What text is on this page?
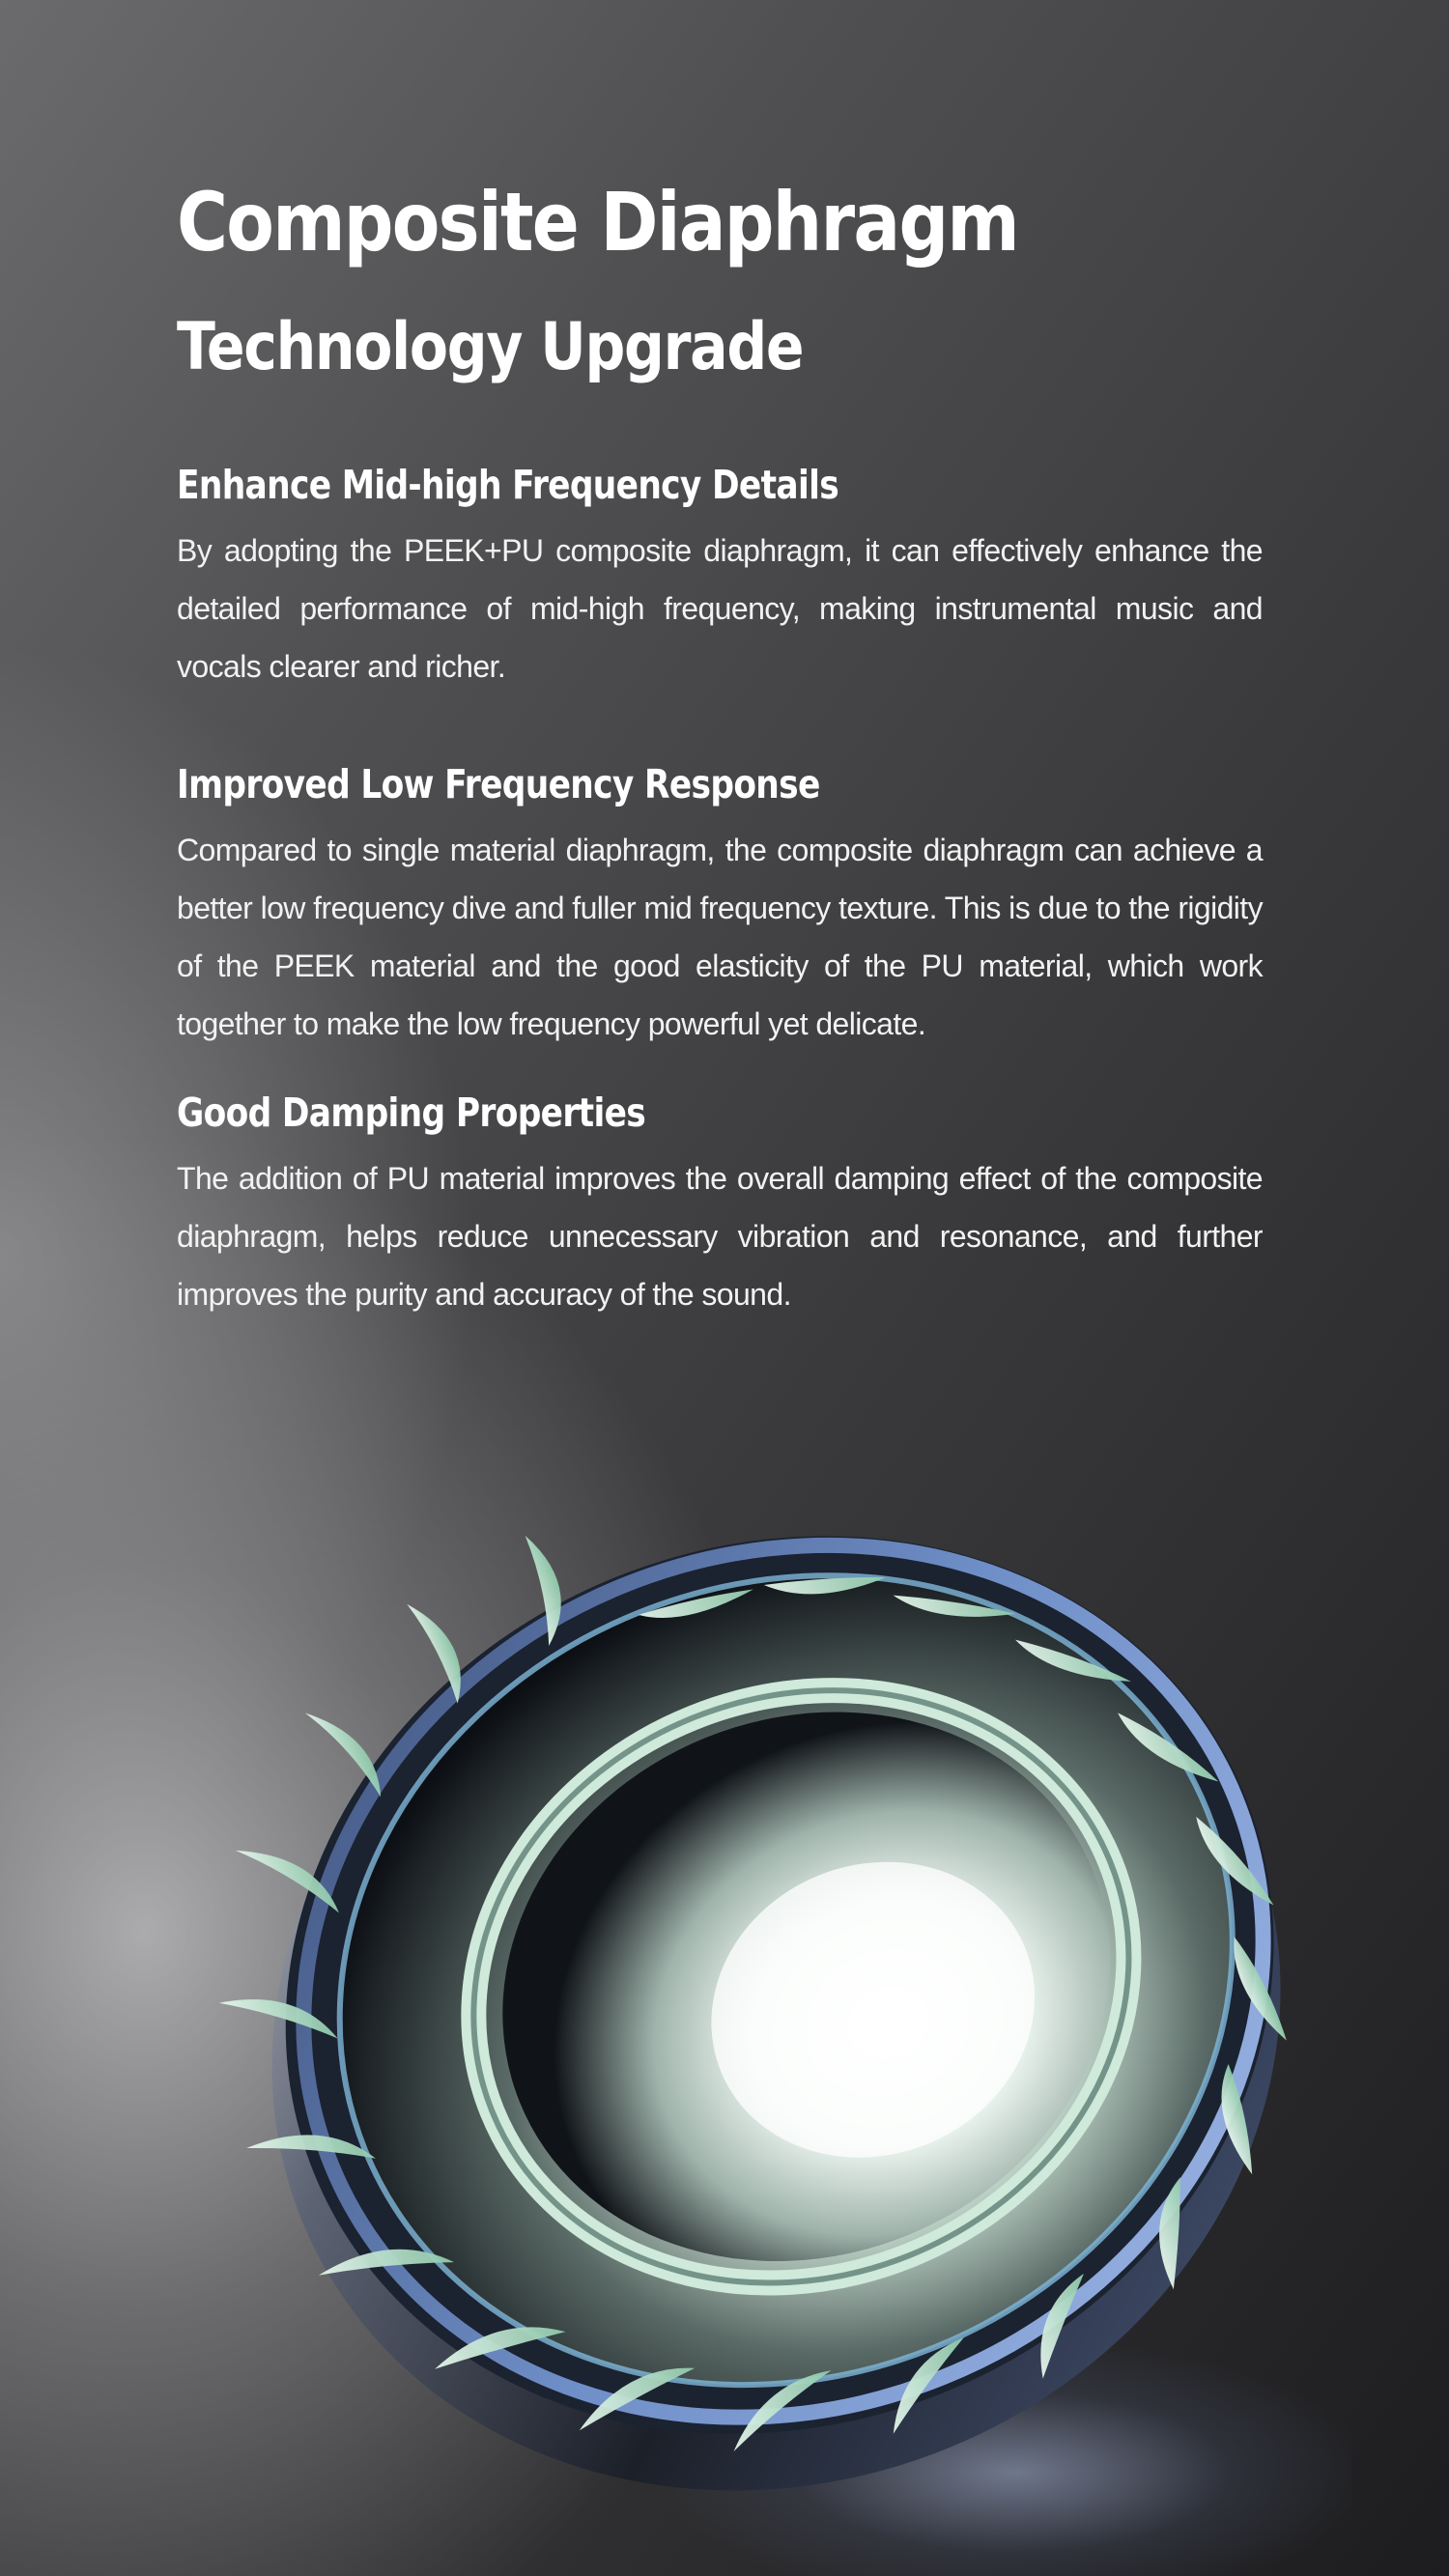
Composite Diaphragm
Technology Upgrade
Enhance Mid-high Frequency Details

By adopting the PEEK+PU composite diaphragm, it can effectively enhance the detailed performance of mid-high frequency, making instrumental music and vocals clearer and richer.

Improved Low Frequency Response

Compared to single material diaphragm, the composite diaphragm can achieve a better low frequency dive and fuller mid frequency texture. This is due to the rigidity of the PEEK material and the good elasticity of the PU material, which work together to make the low frequency powerful yet delicate.

Good Damping Properties

The addition of PU material improves the overall damping effect of the composite diaphragm, helps reduce unnecessary vibration and resonance, and further improves the purity and accuracy of the sound.
